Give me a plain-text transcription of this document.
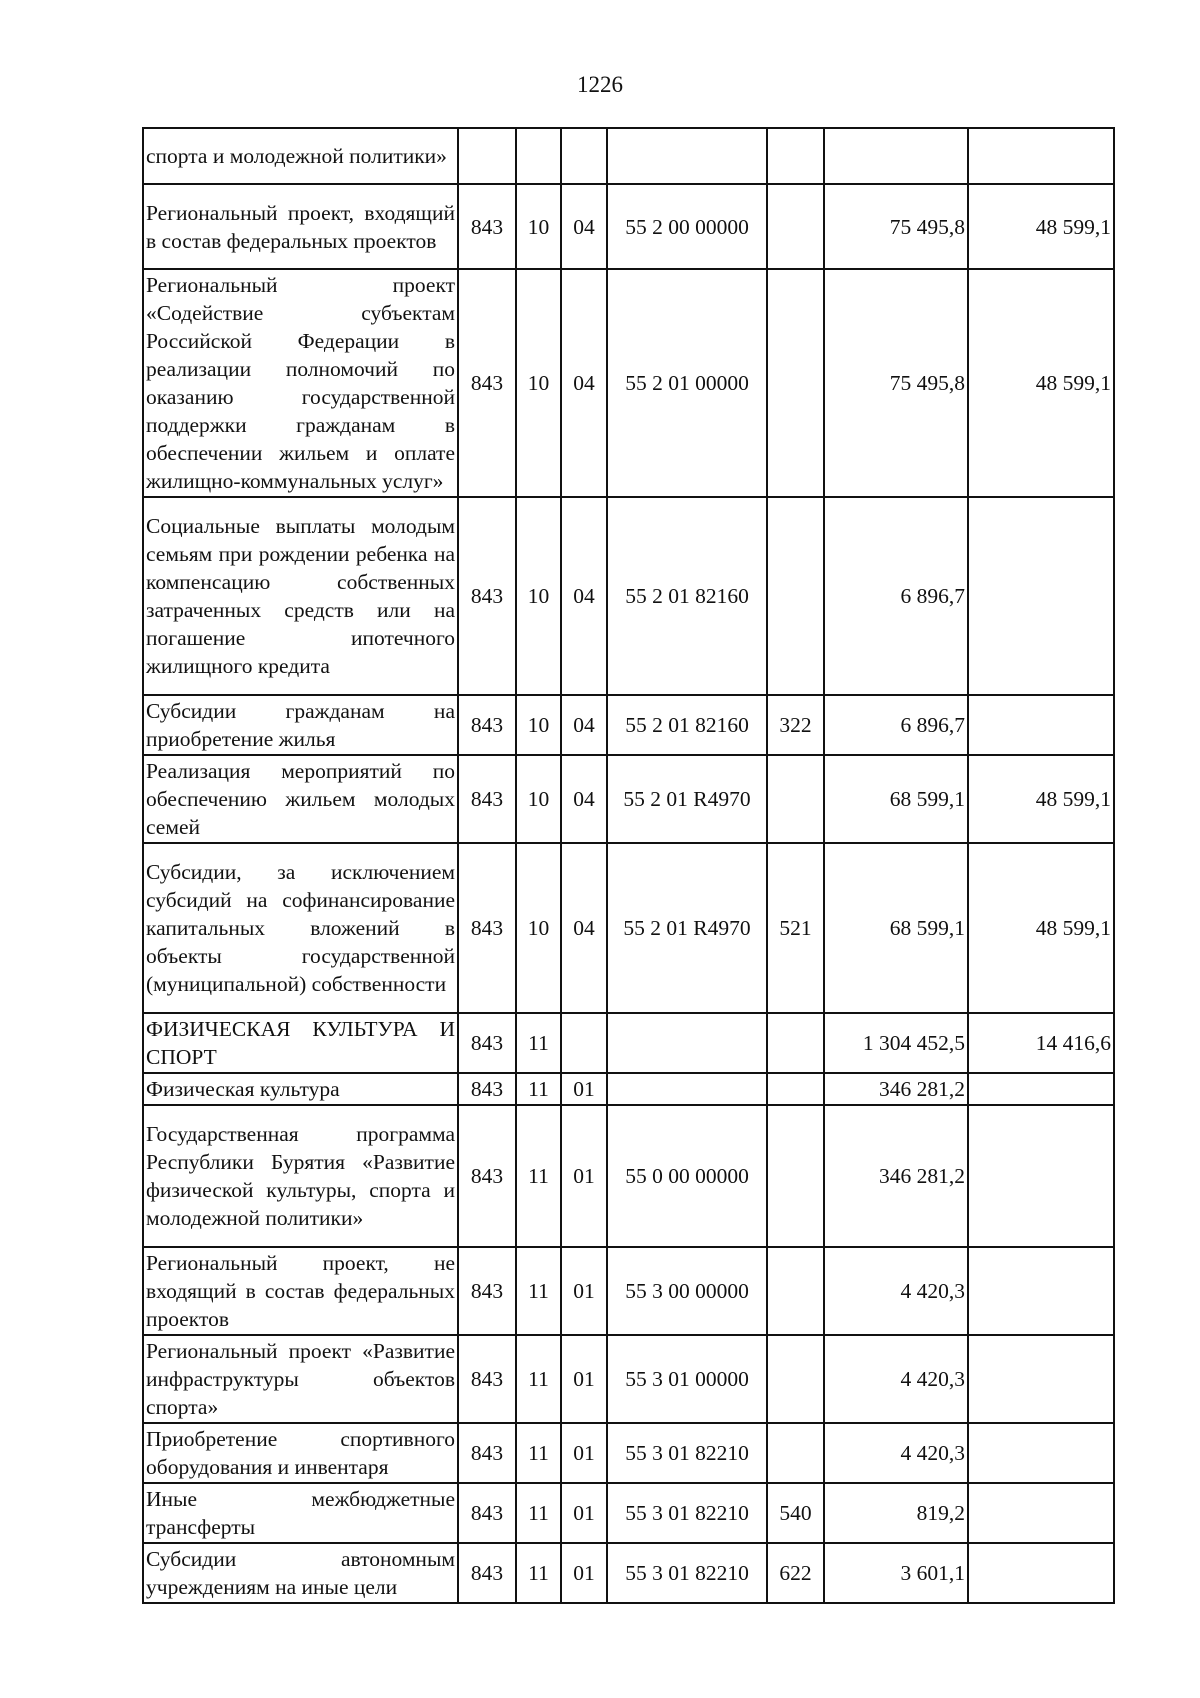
1226
спорта и молодежной политики»							
Региональный проект, входящий в состав федеральных проектов	843	10	04	55 2 00 00000		75 495,8	48 599,1
Региональный проект «Содействие субъектам Российской Федерации в реализации полномочий по оказанию государственной поддержки гражданам в обеспечении жильем и оплате жилищно-коммунальных услуг»	843	10	04	55 2 01 00000		75 495,8	48 599,1
Социальные выплаты молодым семьям при рождении ребенка на компенсацию собственных затраченных средств или на погашение ипотечного жилищного кредита	843	10	04	55 2 01 82160		6 896,7	
Субсидии гражданам на приобретение жилья	843	10	04	55 2 01 82160	322	6 896,7	
Реализация мероприятий по обеспечению жильем молодых семей	843	10	04	55 2 01 R4970		68 599,1	48 599,1
Субсидии, за исключением субсидий на софинансирование капитальных вложений в объекты государственной (муниципальной) собственности	843	10	04	55 2 01 R4970	521	68 599,1	48 599,1
ФИЗИЧЕСКАЯ КУЛЬТУРА И СПОРТ	843	11				1 304 452,5	14 416,6
Физическая культура	843	11	01			346 281,2	
Государственная программа Республики Бурятия «Развитие физической культуры, спорта и молодежной политики»	843	11	01	55 0 00 00000		346 281,2	
Региональный проект, не входящий в состав федеральных проектов	843	11	01	55 3 00 00000		4 420,3	
Региональный проект «Развитие инфраструктуры объектов спорта»	843	11	01	55 3 01 00000		4 420,3	
Приобретение спортивного оборудования и инвентаря	843	11	01	55 3 01 82210		4 420,3	
Иные межбюджетные трансферты	843	11	01	55 3 01 82210	540	819,2	
Субсидии автономным учреждениям на иные цели	843	11	01	55 3 01 82210	622	3 601,1	
